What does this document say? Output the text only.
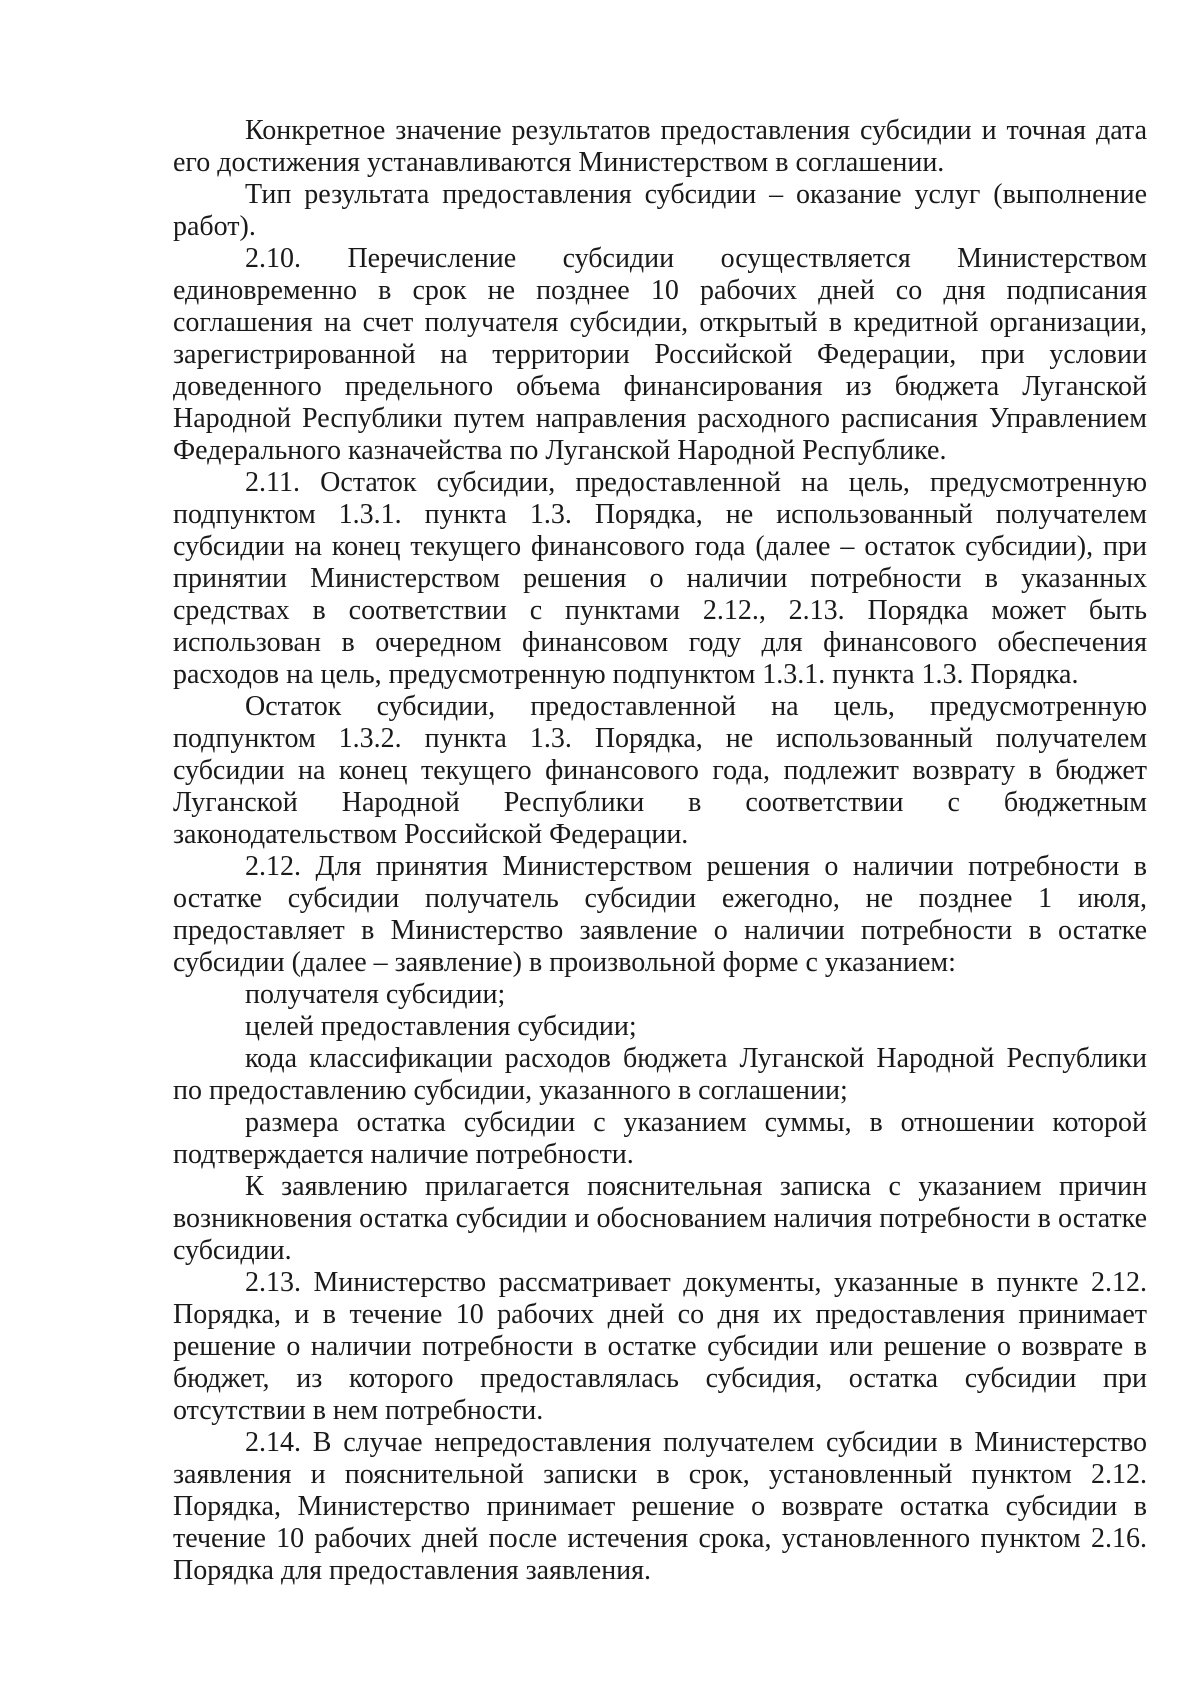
Конкретное значение результатов предоставления субсидии и точная дата его достижения устанавливаются Министерством в соглашении.

Тип результата предоставления субсидии – оказание услуг (выполнение работ).

2.10. Перечисление субсидии осуществляется Министерством единовременно в срок не позднее 10 рабочих дней со дня подписания соглашения на счет получателя субсидии, открытый в кредитной организации, зарегистрированной на территории Российской Федерации, при условии доведенного предельного объема финансирования из бюджета Луганской Народной Республики путем направления расходного расписания Управлением Федерального казначейства по Луганской Народной Республике.

2.11. Остаток субсидии, предоставленной на цель, предусмотренную подпунктом 1.3.1. пункта 1.3. Порядка, не использованный получателем субсидии на конец текущего финансового года (далее – остаток субсидии), при принятии Министерством решения о наличии потребности в указанных средствах в соответствии с пунктами 2.12., 2.13. Порядка может быть использован в очередном финансовом году для финансового обеспечения расходов на цель, предусмотренную подпунктом 1.3.1. пункта 1.3. Порядка.

Остаток субсидии, предоставленной на цель, предусмотренную подпунктом 1.3.2. пункта 1.3. Порядка, не использованный получателем субсидии на конец текущего финансового года, подлежит возврату в бюджет Луганской Народной Республики в соответствии с бюджетным законодательством Российской Федерации.

2.12. Для принятия Министерством решения о наличии потребности в остатке субсидии получатель субсидии ежегодно, не позднее 1 июля, предоставляет в Министерство заявление о наличии потребности в остатке субсидии (далее – заявление) в произвольной форме с указанием:

получателя субсидии;

целей предоставления субсидии;

кода классификации расходов бюджета Луганской Народной Республики по предоставлению субсидии, указанного в соглашении;

размера остатка субсидии с указанием суммы, в отношении которой подтверждается наличие потребности.

К заявлению прилагается пояснительная записка с указанием причин возникновения остатка субсидии и обоснованием наличия потребности в остатке субсидии.

2.13. Министерство рассматривает документы, указанные в пункте 2.12. Порядка, и в течение 10 рабочих дней со дня их предоставления принимает решение о наличии потребности в остатке субсидии или решение о возврате в бюджет, из которого предоставлялась субсидия, остатка субсидии при отсутствии в нем потребности.

2.14. В случае непредоставления получателем субсидии в Министерство заявления и пояснительной записки в срок, установленный пунктом 2.12. Порядка, Министерство принимает решение о возврате остатка субсидии в течение 10 рабочих дней после истечения срока, установленного пунктом 2.16. Порядка для предоставления заявления.
